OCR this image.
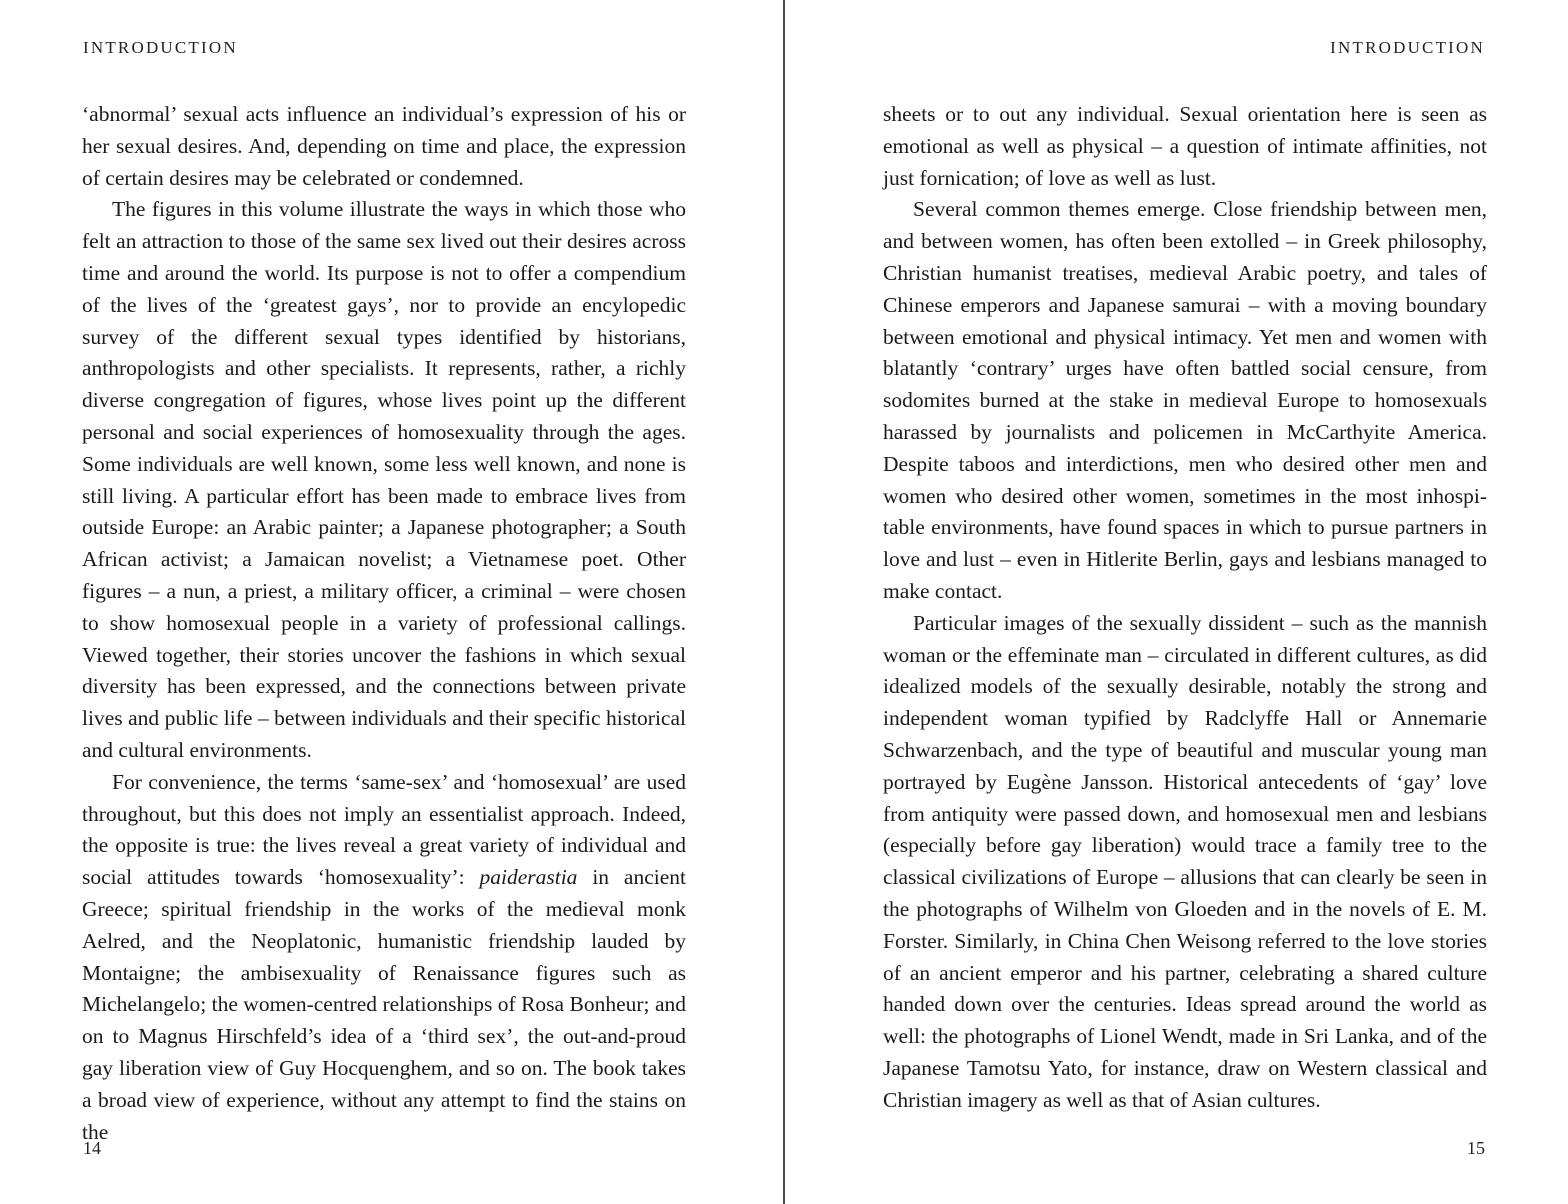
INTRODUCTION

‘abnormal’ sexual acts influence an individual’s expression of his or her sexual desires. And, depending on time and place, the expression of certain desires may be celebrated or condemned.

The figures in this volume illustrate the ways in which those who felt an attraction to those of the same sex lived out their desires across time and around the world. Its purpose is not to offer a compendium of the lives of the ‘greatest gays’, nor to provide an encylopedic survey of the different sexual types identified by historians, anthropologists and other specialists. It represents, rather, a richly diverse congregation of figures, whose lives point up the different personal and social experiences of homosexuality through the ages. Some individuals are well known, some less well known, and none is still living. A particular effort has been made to embrace lives from outside Europe: an Arabic painter; a Japanese photographer; a South African activist; a Jamaican novelist; a Vietnamese poet. Other figures – a nun, a priest, a military officer, a criminal – were chosen to show homosexual people in a variety of professional callings. Viewed together, their stories uncover the fashions in which sexual diversity has been expressed, and the connections between private lives and public life – between individuals and their specific historical and cultural environments.

For convenience, the terms ‘same-sex’ and ‘homosexual’ are used throughout, but this does not imply an essentialist approach. Indeed, the opposite is true: the lives reveal a great variety of individual and social attitudes towards ‘homosexuality’: paiderastia in ancient Greece; spiritual friendship in the works of the medieval monk Aelred, and the Neoplatonic, humanistic friendship lauded by Montaigne; the ambisexuality of Renaissance figures such as Michelangelo; the women-centred relationships of Rosa Bonheur; and on to Magnus Hirschfeld’s idea of a ‘third sex’, the out-and-proud gay liberation view of Guy Hocquenghem, and so on. The book takes a broad view of experience, without any attempt to find the stains on the

14
INTRODUCTION

sheets or to out any individual. Sexual orientation here is seen as emotional as well as physical – a question of intimate affinities, not just fornication; of love as well as lust.

Several common themes emerge. Close friendship between men, and between women, has often been extolled – in Greek philosophy, Christian humanist treatises, medieval Arabic poetry, and tales of Chinese emperors and Japanese samurai – with a moving boundary between emotional and physical intimacy. Yet men and women with blatantly ‘contrary’ urges have often battled social censure, from sodomites burned at the stake in medieval Europe to homosexuals harassed by journalists and policemen in McCarthyite America. Despite taboos and interdictions, men who desired other men and women who desired other women, sometimes in the most inhospitable environments, have found spaces in which to pursue partners in love and lust – even in Hitlerite Berlin, gays and lesbians managed to make contact.

Particular images of the sexually dissident – such as the mannish woman or the effeminate man – circulated in different cultures, as did idealized models of the sexually desirable, notably the strong and independent woman typified by Radclyffe Hall or Annemarie Schwarzenbach, and the type of beautiful and muscular young man portrayed by Eugène Jansson. Historical antecedents of ‘gay’ love from antiquity were passed down, and homosexual men and lesbians (especially before gay liberation) would trace a family tree to the classical civilizations of Europe – allusions that can clearly be seen in the photographs of Wilhelm von Gloeden and in the novels of E. M. Forster. Similarly, in China Chen Weisong referred to the love stories of an ancient emperor and his partner, celebrating a shared culture handed down over the centuries. Ideas spread around the world as well: the photographs of Lionel Wendt, made in Sri Lanka, and of the Japanese Tamotsu Yato, for instance, draw on Western classical and Christian imagery as well as that of Asian cultures.

15
